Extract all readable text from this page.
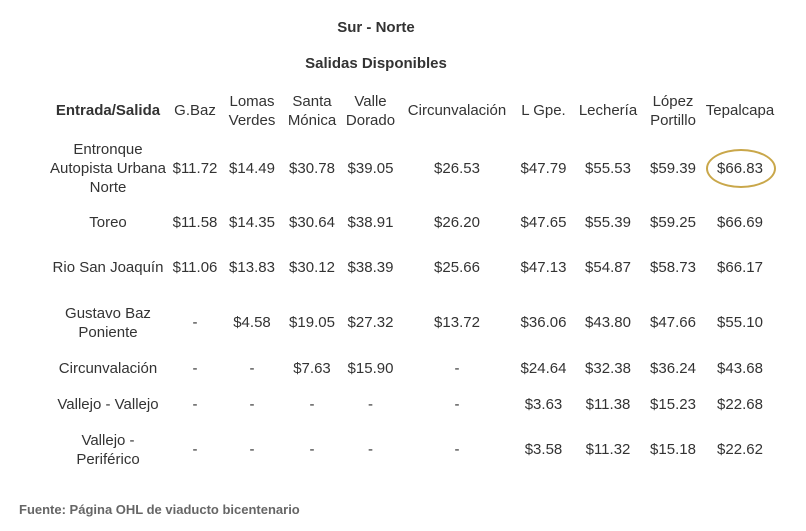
Sur - Norte
Salidas Disponibles
Entrada/Salida	G.Baz	Lomas Verdes	Santa Mónica	Valle Dorado	Circunvalación	L Gpe.	Lechería	López Portillo	Tepalcapa
Entronque Autopista Urbana Norte	$11.72	$14.49	$30.78	$39.05	$26.53	$47.79	$55.53	$59.39	$66.83
Toreo	$11.58	$14.35	$30.64	$38.91	$26.20	$47.65	$55.39	$59.25	$66.69
Rio San Joaquín	$11.06	$13.83	$30.12	$38.39	$25.66	$47.13	$54.87	$58.73	$66.17
Gustavo Baz Poniente	-	$4.58	$19.05	$27.32	$13.72	$36.06	$43.80	$47.66	$55.10
Circunvalación	-	-	$7.63	$15.90	-	$24.64	$32.38	$36.24	$43.68
Vallejo - Vallejo	-	-	-	-	-	$3.63	$11.38	$15.23	$22.68
Vallejo - Periférico	-	-	-	-	-	$3.58	$11.32	$15.18	$22.62
Fuente: Página OHL de viaducto bicentenario
